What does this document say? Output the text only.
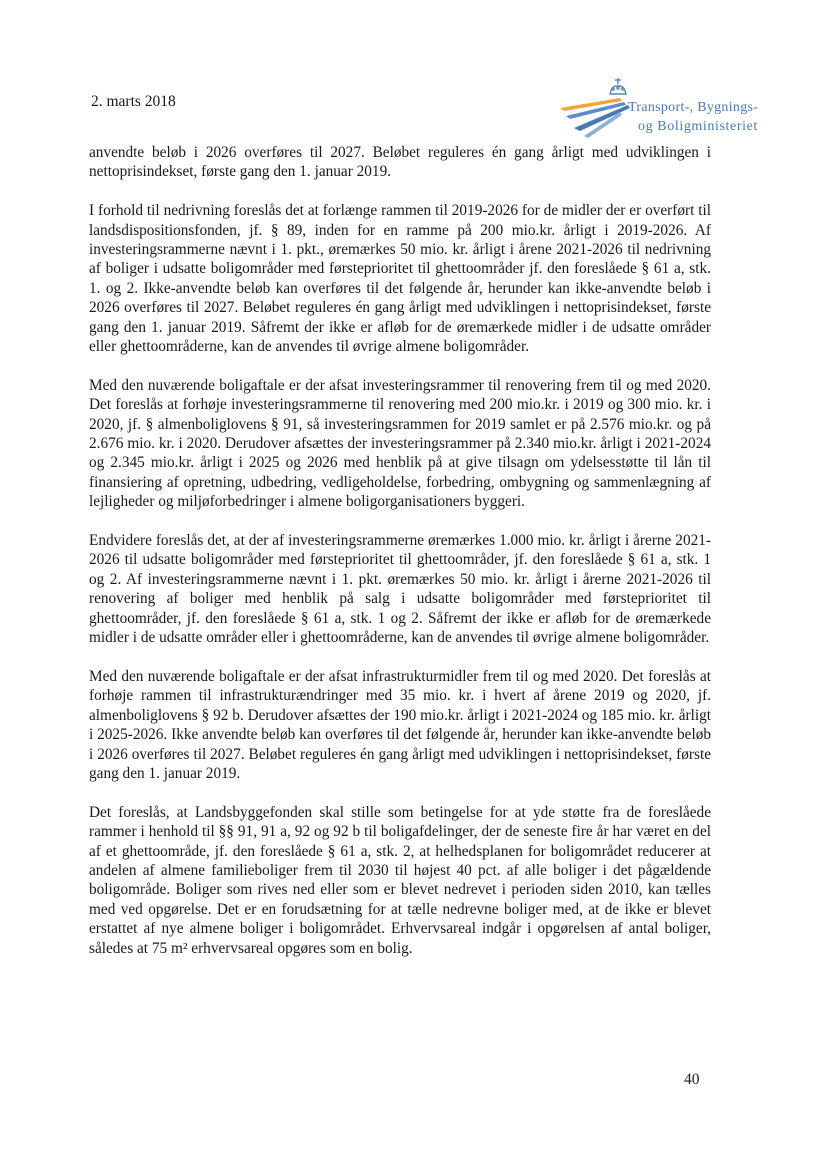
2. marts 2018	Transport-, Bygnings-
og Boligministeriet

anvendte beløb i 2026 overføres til 2027. Beløbet reguleres én gang årligt med udviklingen i nettoprisindekset, første gang den 1. januar 2019.

I forhold til nedrivning foreslås det at forlænge rammen til 2019-2026 for de midler der er overført til landsdispositionsfonden, jf. § 89, inden for en ramme på 200 mio.kr. årligt i 2019-2026. Af investeringsrammerne nævnt i 1. pkt., øremærkes 50 mio. kr. årligt i årene 2021-2026 til nedrivning af boliger i udsatte boligområder med førsteprioritet til ghettoområder jf. den foreslåede § 61 a, stk. 1. og 2. Ikke-anvendte beløb kan overføres til det følgende år, herunder kan ikke-anvendte beløb i 2026 overføres til 2027. Beløbet reguleres én gang årligt med udviklingen i nettoprisindekset, første gang den 1. januar 2019. Såfremt der ikke er afløb for de øremærkede midler i de udsatte områder eller ghettoområderne, kan de anvendes til øvrige almene boligområder.

Med den nuværende boligaftale er der afsat investeringsrammer til renovering frem til og med 2020. Det foreslås at forhøje investeringsrammerne til renovering med 200 mio.kr. i 2019 og 300 mio. kr. i 2020, jf. § almenboliglovens § 91, så investeringsrammen for 2019 samlet er på 2.576 mio.kr. og på 2.676 mio. kr. i 2020. Derudover afsættes der investeringsrammer på 2.340 mio.kr. årligt i 2021-2024 og 2.345 mio.kr. årligt i 2025 og 2026 med henblik på at give tilsagn om ydelsesstøtte til lån til finansiering af opretning, udbedring, vedligeholdelse, forbedring, ombygning og sammenlægning af lejligheder og miljøforbedringer i almene boligorganisationers byggeri.

Endvidere foreslås det, at der af investeringsrammerne øremærkes 1.000 mio. kr. årligt i årerne 2021-2026 til udsatte boligområder med førsteprioritet til ghettoområder, jf. den foreslåede § 61 a, stk. 1 og 2. Af investeringsrammerne nævnt i 1. pkt. øremærkes 50 mio. kr. årligt i årerne 2021-2026 til renovering af boliger med henblik på salg i udsatte boligområder med førsteprioritet til ghettoområder, jf. den foreslåede § 61 a, stk. 1 og 2. Såfremt der ikke er afløb for de øremærkede midler i de udsatte områder eller i ghettoområderne, kan de anvendes til øvrige almene boligområder.

Med den nuværende boligaftale er der afsat infrastrukturmidler frem til og med 2020. Det foreslås at forhøje rammen til infrastrukturændringer med 35 mio. kr. i hvert af årene 2019 og 2020, jf. almenboliglovens § 92 b. Derudover afsættes der 190 mio.kr. årligt i 2021-2024 og 185 mio. kr. årligt i 2025-2026. Ikke anvendte beløb kan overføres til det følgende år, herunder kan ikke-anvendte beløb i 2026 overføres til 2027. Beløbet reguleres én gang årligt med udviklingen i nettoprisindekset, første gang den 1. januar 2019.

Det foreslås, at Landsbyggefonden skal stille som betingelse for at yde støtte fra de foreslåede rammer i henhold til §§ 91, 91 a, 92 og 92 b til boligafdelinger, der de seneste fire år har været en del af et ghettoområde, jf. den foreslåede § 61 a, stk. 2, at helhedsplanen for boligområdet reducerer at andelen af almene familieboliger frem til 2030 til højest 40 pct. af alle boliger i det pågældende boligområde. Boliger som rives ned eller som er blevet nedrevet i perioden siden 2010, kan tælles med ved opgørelse. Det er en forudsætning for at tælle nedrevne boliger med, at de ikke er blevet erstattet af nye almene boliger i boligområdet. Erhvervsareal indgår i opgørelsen af antal boliger, således at 75 m² erhvervsareal opgøres som en bolig.

40
